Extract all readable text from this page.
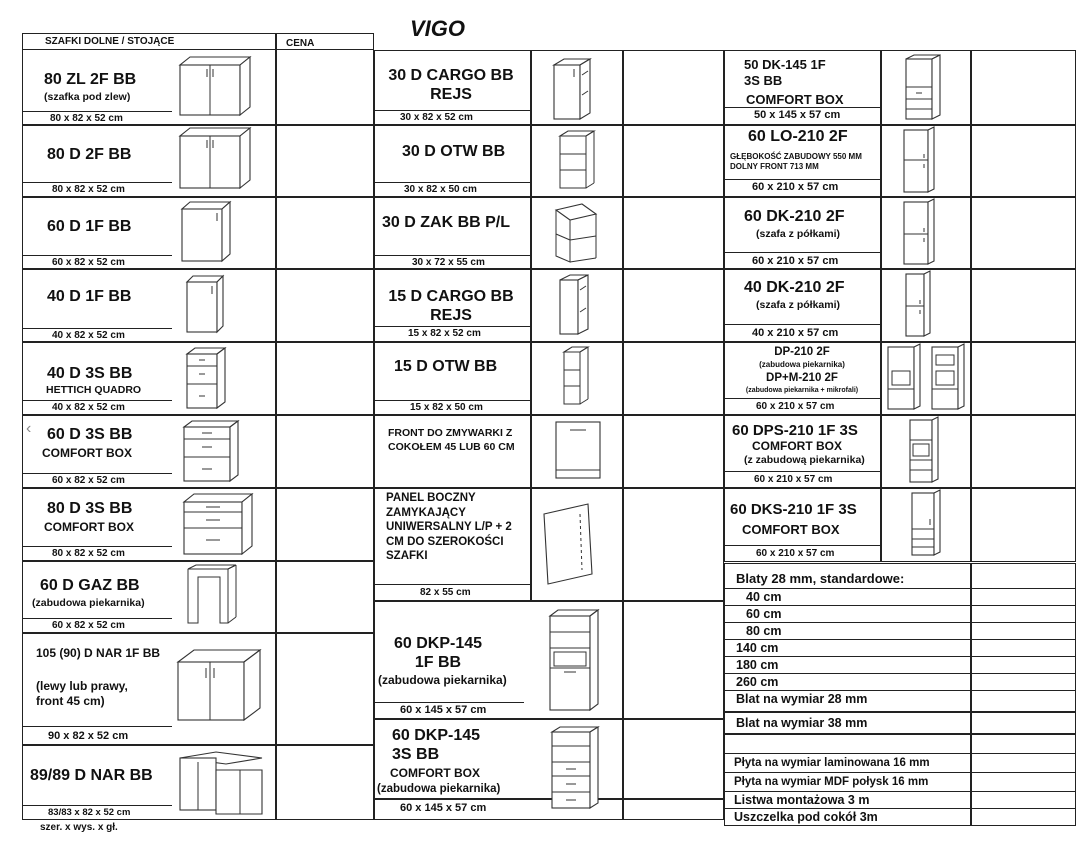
VIGO
‹
SZAFKI DOLNE / STOJĄCE	CENA
80 ZL 2F BB
(szafka pod zlew)
80 x 82 x 52 cm
80 D 2F BB
80 x 82 x 52 cm
60 D 1F BB
60 x 82 x 52 cm
40 D 1F BB
40 x 82 x 52 cm
40 D 3S BB
HETTICH QUADRO
40 x 82 x 52 cm
60 D 3S BB
COMFORT BOX
60 x 82 x 52 cm
80 D 3S BB
COMFORT BOX
80 x 82 x 52 cm
60 D GAZ BB
(zabudowa piekarnika)
60 x 82 x 52 cm
105 (90) D NAR 1F BB
(lewy lub prawy, front 45 cm)
90 x 82 x 52 cm
89/89 D NAR BB
83/83 x 82 x 52 cm
szer. x wys. x gł.
30 D CARGO BB REJS
30 x 82 x 52 cm
30 D OTW BB
30 x 82 x 50 cm
30 D ZAK BB P/L
30 x 72 x 55 cm
15 D CARGO BB REJS
15 x 82 x 52 cm
15 D OTW BB
15 x 82 x 50 cm
FRONT DO ZMYWARKI Z COKOŁEM 45 LUB 60 CM
PANEL BOCZNY ZAMYKAJĄCY UNIWERSALNY L/P + 2 CM DO SZEROKOŚCI SZAFKI
82 x 55 cm
60 DKP-145 1F BB
(zabudowa piekarnika)
60 x 145 x 57 cm
60 DKP-145 3S BB
COMFORT BOX
(zabudowa piekarnika)
60 x 145 x 57 cm
50 DK-145 1F 3S BB
COMFORT BOX
50 x 145 x 57 cm
60 LO-210 2F
GŁĘBOKOŚĆ ZABUDOWY 550 MM DOLNY FRONT 713 MM
60 x 210 x 57 cm
60 DK-210 2F
(szafa z półkami)
60 x 210 x 57 cm
40 DK-210 2F
(szafa z półkami)
40 x 210 x 57 cm
DP-210 2F
(zabudowa piekarnika)
DP+M-210 2F
(zabudowa piekarnika + mikrofali)
60 x 210 x 57 cm
60 DPS-210 1F 3S
COMFORT BOX
(z zabudową piekarnika)
60 x 210 x 57 cm
60 DKS-210 1F 3S
COMFORT BOX
60 x 210 x 57 cm
Blaty 28 mm, standardowe:
40 cm
60 cm
80 cm
140 cm
180 cm
260 cm
Blat na wymiar 28 mm
Blat na wymiar 38 mm
Płyta na wymiar laminowana 16 mm
Płyta na wymiar MDF połysk 16 mm
Listwa montażowa 3 m
Uszczelka pod cokół 3m
